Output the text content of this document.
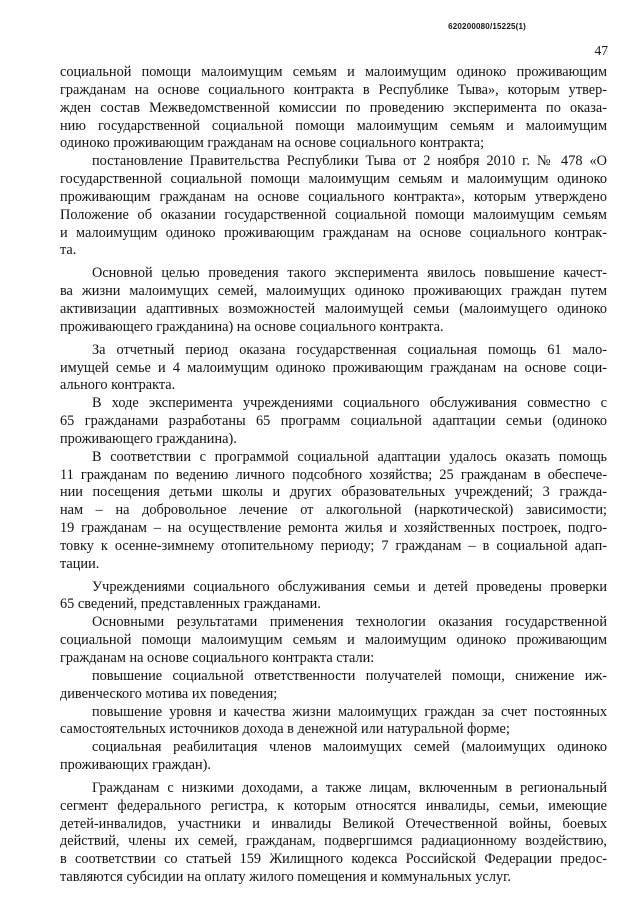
620200080/15225(1)
47
социальной помощи малоимущим семьям и малоимущим одиноко проживающим
гражданам на основе социального контракта в Республике Тыва», которым утвер-
жден состав Межведомственной комиссии по проведению эксперимента по оказа-
нию государственной социальной помощи малоимущим семьям и малоимущим
одиноко проживающим гражданам на основе социального контракта;
постановление Правительства Республики Тыва от 2 ноября 2010 г. № 478 «О
государственной социальной помощи малоимущим семьям и малоимущим одиноко
проживающим гражданам на основе социального контракта», которым утверждено
Положение об оказании государственной социальной помощи малоимущим семьям
и малоимущим одиноко проживающим гражданам на основе социального контрак-
та.
Основной целью проведения такого эксперимента явилось повышение качест-
ва жизни малоимущих семей, малоимущих одиноко проживающих граждан путем
активизации адаптивных возможностей малоимущей семьи (малоимущего одиноко
проживающего гражданина) на основе социального контракта.
За отчетный период оказана государственная социальная помощь 61 мало-
имущей семье и 4 малоимущим одиноко проживающим гражданам на основе соци-
ального контракта.
В ходе эксперимента учреждениями социального обслуживания совместно с
65 гражданами разработаны 65 программ социальной адаптации семьи (одиноко
проживающего гражданина).
В соответствии с программой социальной адаптации удалось оказать помощь
11 гражданам по ведению личного подсобного хозяйства; 25 гражданам в обеспече-
нии посещения детьми школы и других образовательных учреждений; 3 гражда-
нам – на добровольное лечение от алкогольной (наркотической) зависимости;
19 гражданам – на осуществление ремонта жилья и хозяйственных построек, подго-
товку к осенне-зимнему отопительному периоду; 7 гражданам – в социальной адап-
тации.
Учреждениями социального обслуживания семьи и детей проведены проверки
65 сведений, представленных гражданами.
Основными результатами применения технологии оказания государственной
социальной помощи малоимущим семьям и малоимущим одиноко проживающим
гражданам на основе социального контракта стали:
повышение социальной ответственности получателей помощи, снижение иж-
дивенческого мотива их поведения;
повышение уровня и качества жизни малоимущих граждан за счет постоянных
самостоятельных источников дохода в денежной или натуральной форме;
социальная реабилитация членов малоимущих семей (малоимущих одиноко
проживающих граждан).
Гражданам с низкими доходами, а также лицам, включенным в региональный
сегмент федерального регистра, к которым относятся инвалиды, семьи, имеющие
детей-инвалидов, участники и инвалиды Великой Отечественной войны, боевых
действий, члены их семей, гражданам, подвергшимся радиационному воздействию,
в соответствии со статьей 159 Жилищного кодекса Российской Федерации предос-
тавляются субсидии на оплату жилого помещения и коммунальных услуг.
